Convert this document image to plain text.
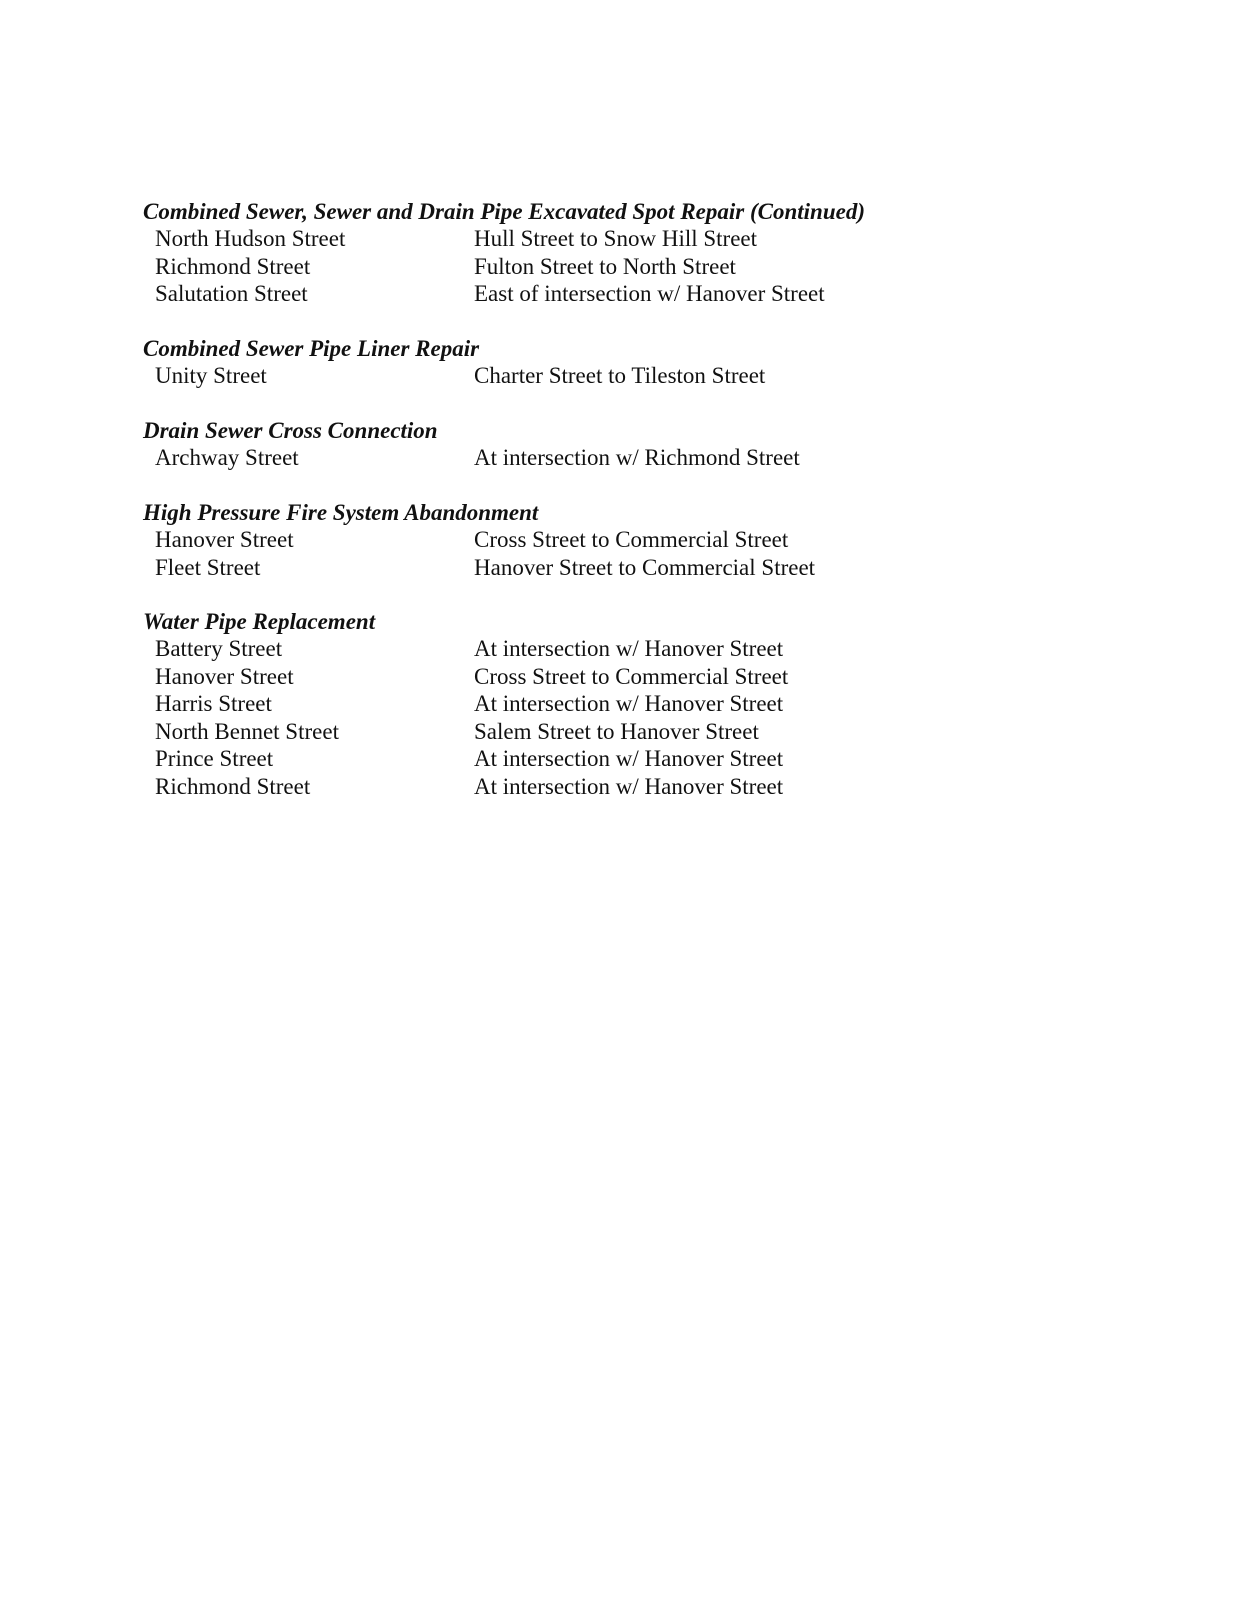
Combined Sewer, Sewer and Drain Pipe Excavated Spot Repair (Continued)
North Hudson Street	Hull Street to Snow Hill Street
Richmond Street	Fulton Street to North Street
Salutation Street	East of intersection w/ Hanover Street
Combined Sewer Pipe Liner Repair
Unity Street	Charter Street to Tileston Street
Drain Sewer Cross Connection
Archway Street	At intersection w/ Richmond Street
High Pressure Fire System Abandonment
Hanover Street	Cross Street to Commercial Street
Fleet Street	Hanover Street to Commercial Street
Water Pipe Replacement
Battery Street	At intersection w/ Hanover Street
Hanover Street	Cross Street to Commercial Street
Harris Street	At intersection w/ Hanover Street
North Bennet Street	Salem Street to Hanover Street
Prince Street	At intersection w/ Hanover Street
Richmond Street	At intersection w/ Hanover Street
